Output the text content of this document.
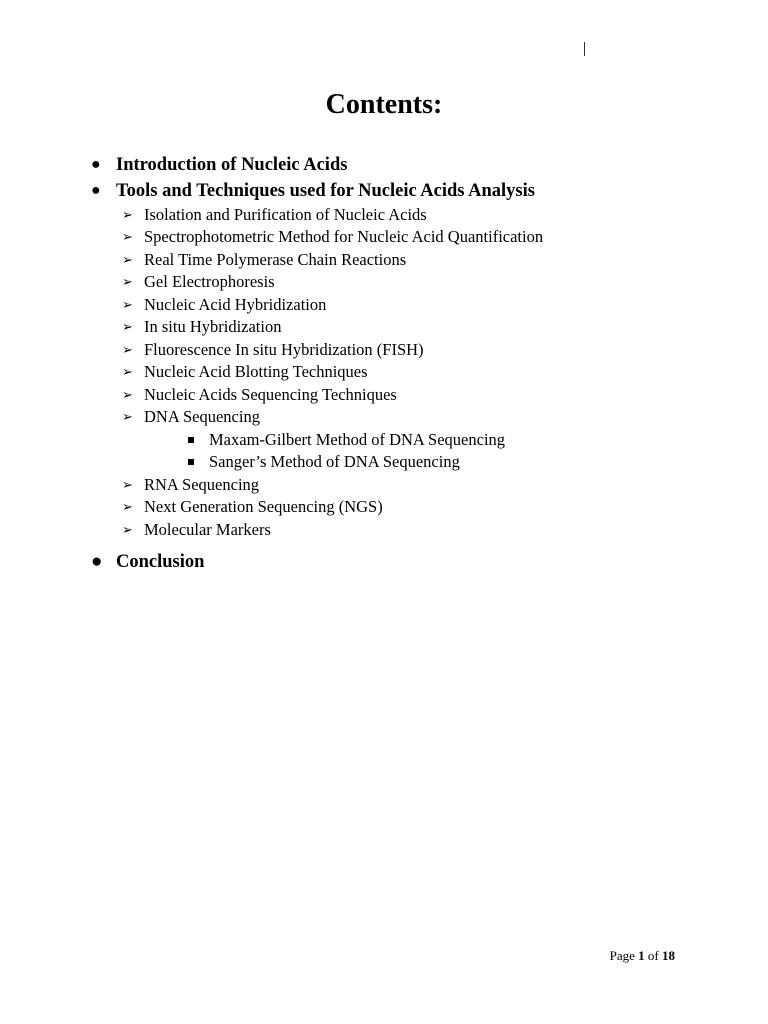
Contents:
● Introduction of Nucleic Acids
● Tools and Techniques used for Nucleic Acids Analysis
➢ Isolation and Purification of Nucleic Acids
➢ Spectrophotometric Method for Nucleic Acid Quantification
➢ Real Time Polymerase Chain Reactions
➢ Gel Electrophoresis
➢ Nucleic Acid Hybridization
➢ In situ Hybridization
➢ Fluorescence In situ Hybridization (FISH)
➢ Nucleic Acid Blotting Techniques
➢ Nucleic Acids Sequencing Techniques
➢ DNA Sequencing
Maxam-Gilbert Method of DNA Sequencing
Sanger’s Method of DNA Sequencing
➢ RNA Sequencing
➢ Next Generation Sequencing (NGS)
➢ Molecular Markers
● Conclusion
Page 1 of 18
